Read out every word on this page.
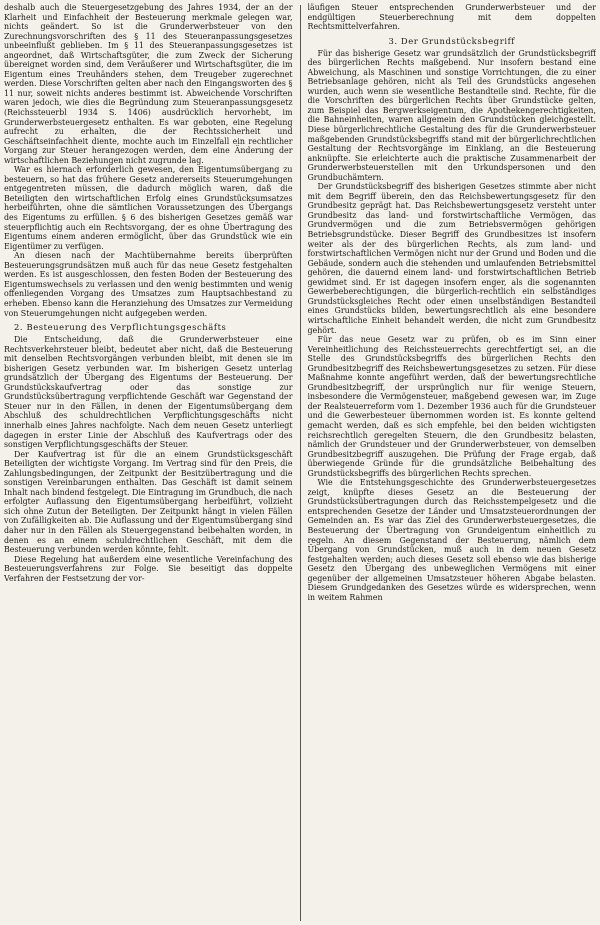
deshalb auch die Steuergesetzgebung des Jahres 1934, der an der Klarheit und Einfachheit der Besteuerung merkmale gelegen war, nichts geändert. So ist die Grunderwerbsteuer von den Zurechnungsvorschriften des § 11 des Steueranpassungsgesetzes unbeeinflußt geblieben. Im § 11 des Steueranpassungsgesetzes ist angeordnet, daß Wirtschaftsgüter, die zum Zweck der Sicherung übereignet worden sind, dem Veräußerer und Wirtschaftsgüter, die im Eigentum eines Treuhänders stehen, dem Treugeber zugerechnet werden. Diese Vorschriften gelten aber nach den Eingangsworten des § 11 nur, soweit nichts anderes bestimmt ist. Abweichende Vorschriften waren jedoch, wie dies die Begründung zum Steueranpassungsgesetz (Reichssteuerbl 1934 S. 1406) ausdrücklich hervorhebt, im Grunderwerbsteuergesetz enthalten. Es war geboten, eine Regelung aufrecht zu erhalten, die der Rechtssicherheit und Geschäftseinfachheit diente, mochte auch im Einzelfall ein rechtlicher Vorgang zur Steuer herangezogen werden, dem eine Änderung der wirtschaftlichen Beziehungen nicht zugrunde lag.

War es hiernach erforderlich gewesen, den Eigentumsübergang zu besteuern, so hat das frühere Gesetz andererseits Steuerumgehungen entgegentreten müssen, die dadurch möglich waren, daß die Beteiligten den wirtschaftlichen Erfolg eines Grundstücksumsatzes herbeiführten, ohne die sämtlichen Voraussetzungen des Übergangs des Eigentums zu erfüllen. § 6 des bisherigen Gesetzes gemäß war steuerpflichtig auch ein Rechtsvorgang, der es ohne Übertragung des Eigentums einem anderen ermöglicht, über das Grundstück wie ein Eigentümer zu verfügen.

An diesen nach der Machtübernahme bereits überprüften Besteuerungsgrundsätzen muß auch für das neue Gesetz festgehalten werden. Es ist ausgeschlossen, den festen Boden der Besteuerung des Eigentumswechsels zu verlassen und den wenig bestimmten und wenig offenliegenden Vorgang des Umsatzes zum Hauptsachbestand zu erheben. Ebenso kann die Heranziehung des Umsatzes zur Vermeidung von Steuerumgehungen nicht aufgegeben werden.

2. Besteuerung des Verpflichtungsgeschäfts

Die Entscheidung, daß die Grunderwerbsteuer eine Rechtsverkehrsteuer bleibt, bedeutet aber nicht, daß die Besteuerung mit denselben Rechtsvorgängen verbunden bleibt, mit denen sie im bisherigen Gesetz verbunden war. Im bisherigen Gesetz unterlag grundsätzlich der Übergang des Eigentums der Besteuerung. Der Grundstückskaufvertrag oder das sonstige zur Grundstücksübertragung verpflichtende Geschäft war Gegenstand der Steuer nur in den Fällen, in denen der Eigentumsübergang dem Abschluß des schuldrechtlichen Verpflichtungsgeschäfts nicht innerhalb eines Jahres nachfolgte. Nach dem neuen Gesetz unterliegt dagegen in erster Linie der Abschluß des Kaufvertrags oder des sonstigen Verpflichtungsgeschäfts der Steuer.

Der Kaufvertrag ist für die an einem Grundstücksgeschäft Beteiligten der wichtigste Vorgang. Im Vertrag sind für den Preis, die Zahlungsbedingungen, der Zeitpunkt der Besitzübertragung und die sonstigen Vereinbarungen enthalten. Das Geschäft ist damit seinem Inhalt nach bindend festgelegt. Die Eintragung im Grundbuch, die nach erfolgter Auflassung den Eigentumsübergang herbeiführt, vollzieht sich ohne Zutun der Beteiligten. Der Zeitpunkt hängt in vielen Fällen von Zufälligkeiten ab. Die Auflassung und der Eigentumsübergang sind daher nur in den Fällen als Steuergegenstand beibehalten worden, in denen es an einem schuldrechtlichen Geschäft, mit dem die Besteuerung verbunden werden könnte, fehlt.

Diese Regelung hat außerdem eine wesentliche Vereinfachung des Besteuerungsverfahrens zur Folge. Sie beseitigt das doppelte Verfahren der Festsetzung der vor-

läufigen Steuer entsprechenden Grunderwerbsteuer und der endgültigen Steuerberechnung mit dem doppelten Rechtsmittelverfahren.

3. Der Grundstücksbegriff

Für das bisherige Gesetz war grundsätzlich der Grundstücksbegriff des bürgerlichen Rechts maßgebend. Nur insofern bestand eine Abweichung, als Maschinen und sonstige Vorrichtungen, die zu einer Betriebsanlage gehören, nicht als Teil des Grundstücks angesehen wurden, auch wenn sie wesentliche Bestandteile sind. Rechte, für die die Vorschriften des bürgerlichen Rechts über Grundstücke gelten, zum Beispiel das Bergwerkseigentum, die Apothekengerechtigkeiten, die Bahneinheiten, waren allgemein den Grundstücken gleichgestellt. Diese bürgerlichrechtliche Gestaltung des für die Grunderwerbsteuer maßgebenden Grundstücksbegriffs stand mit der bürgerlichrechtlichen Gestaltung der Rechtsvorgänge im Einklang, an die Besteuerung anknüpfte. Sie erleichterte auch die praktische Zusammenarbeit der Grunderwerbsteuerstellen mit den Urkundspersonen und den Grundbuchämtern.

Der Grundstücksbegriff des bisherigen Gesetzes stimmte aber nicht mit dem Begriff überein, den das Reichsbewertungsgesetz für den Grundbesitz geprägt hat. Das Reichsbewertungsgesetz versteht unter Grundbesitz das land- und forstwirtschaftliche Vermögen, das Grundvermögen und die zum Betriebsvermögen gehörigen Betriebsgrundstücke. Dieser Begriff des Grundbesitzes ist insofern weiter als der des bürgerlichen Rechts, als zum land- und forstwirtschaftlichen Vermögen nicht nur der Grund und Boden und die Gebäude, sondern auch die stehenden und umlaufenden Betriebsmittel gehören, die dauernd einem land- und forstwirtschaftlichen Betrieb gewidmet sind. Er ist dagegen insofern enger, als die sogenannten Gewerbeberechtigungen, die bürgerlich-rechtlich ein selbständiges Grundstücksgleiches Recht oder einen unselbständigen Bestandteil eines Grundstücks bilden, bewertungsrechtlich als eine besondere wirtschaftliche Einheit behandelt werden, die nicht zum Grundbesitz gehört.

Für das neue Gesetz war zu prüfen, ob es im Sinn einer Vereinheitlichung des Reichssteuerrechts gerechtfertigt sei, an die Stelle des Grundstücksbegriffs des bürgerlichen Rechts den Grundbesitzbegriff des Reichsbewertungsgesetzes zu setzen. Für diese Maßnahme konnte angeführt werden, daß der bewertungsrechtliche Grundbesitzbegriff, der ursprünglich nur für wenige Steuern, insbesondere die Vermögensteuer, maßgebend gewesen war, im Zuge der Realsteuerreform vom 1. Dezember 1936 auch für die Grundsteuer und die Gewerbesteuer übernommen worden ist. Es konnte geltend gemacht werden, daß es sich empfehle, bei den beiden wichtigsten reichsrechtlich geregelten Steuern, die den Grundbesitz belasten, nämlich der Grundsteuer und der Grunderwerbsteuer, von demselben Grundbesitzbegriff auszugehen. Die Prüfung der Frage ergab, daß überwiegende Gründe für die grundsätzliche Beibehaltung des Grundstücksbegriffs des bürgerlichen Rechts sprechen.

Wie die Entstehungsgeschichte des Grunderwerbsteuergesetzes zeigt, knüpfte dieses Gesetz an die Besteuerung der Grundstücksübertragungen durch das Reichsstempelgesetz und die entsprechenden Gesetze der Länder und Umsatzsteuerordnungen der Gemeinden an. Es war das Ziel des Grunderwerbsteuergesetzes, die Besteuerung der Übertragung von Grundeigentum einheitlich zu regeln. An diesem Gegenstand der Besteuerung, nämlich dem Übergang von Grundstücken, muß auch in dem neuen Gesetz festgehalten werden; auch dieses Gesetz soll ebenso wie das bisherige Gesetz den Übergang des unbeweglichen Vermögens mit einer gegenüber der allgemeinen Umsatzsteuer höheren Abgabe belasten. Diesem Grundgedanken des Gesetzes würde es widersprechen, wenn in weitem Rahmen
